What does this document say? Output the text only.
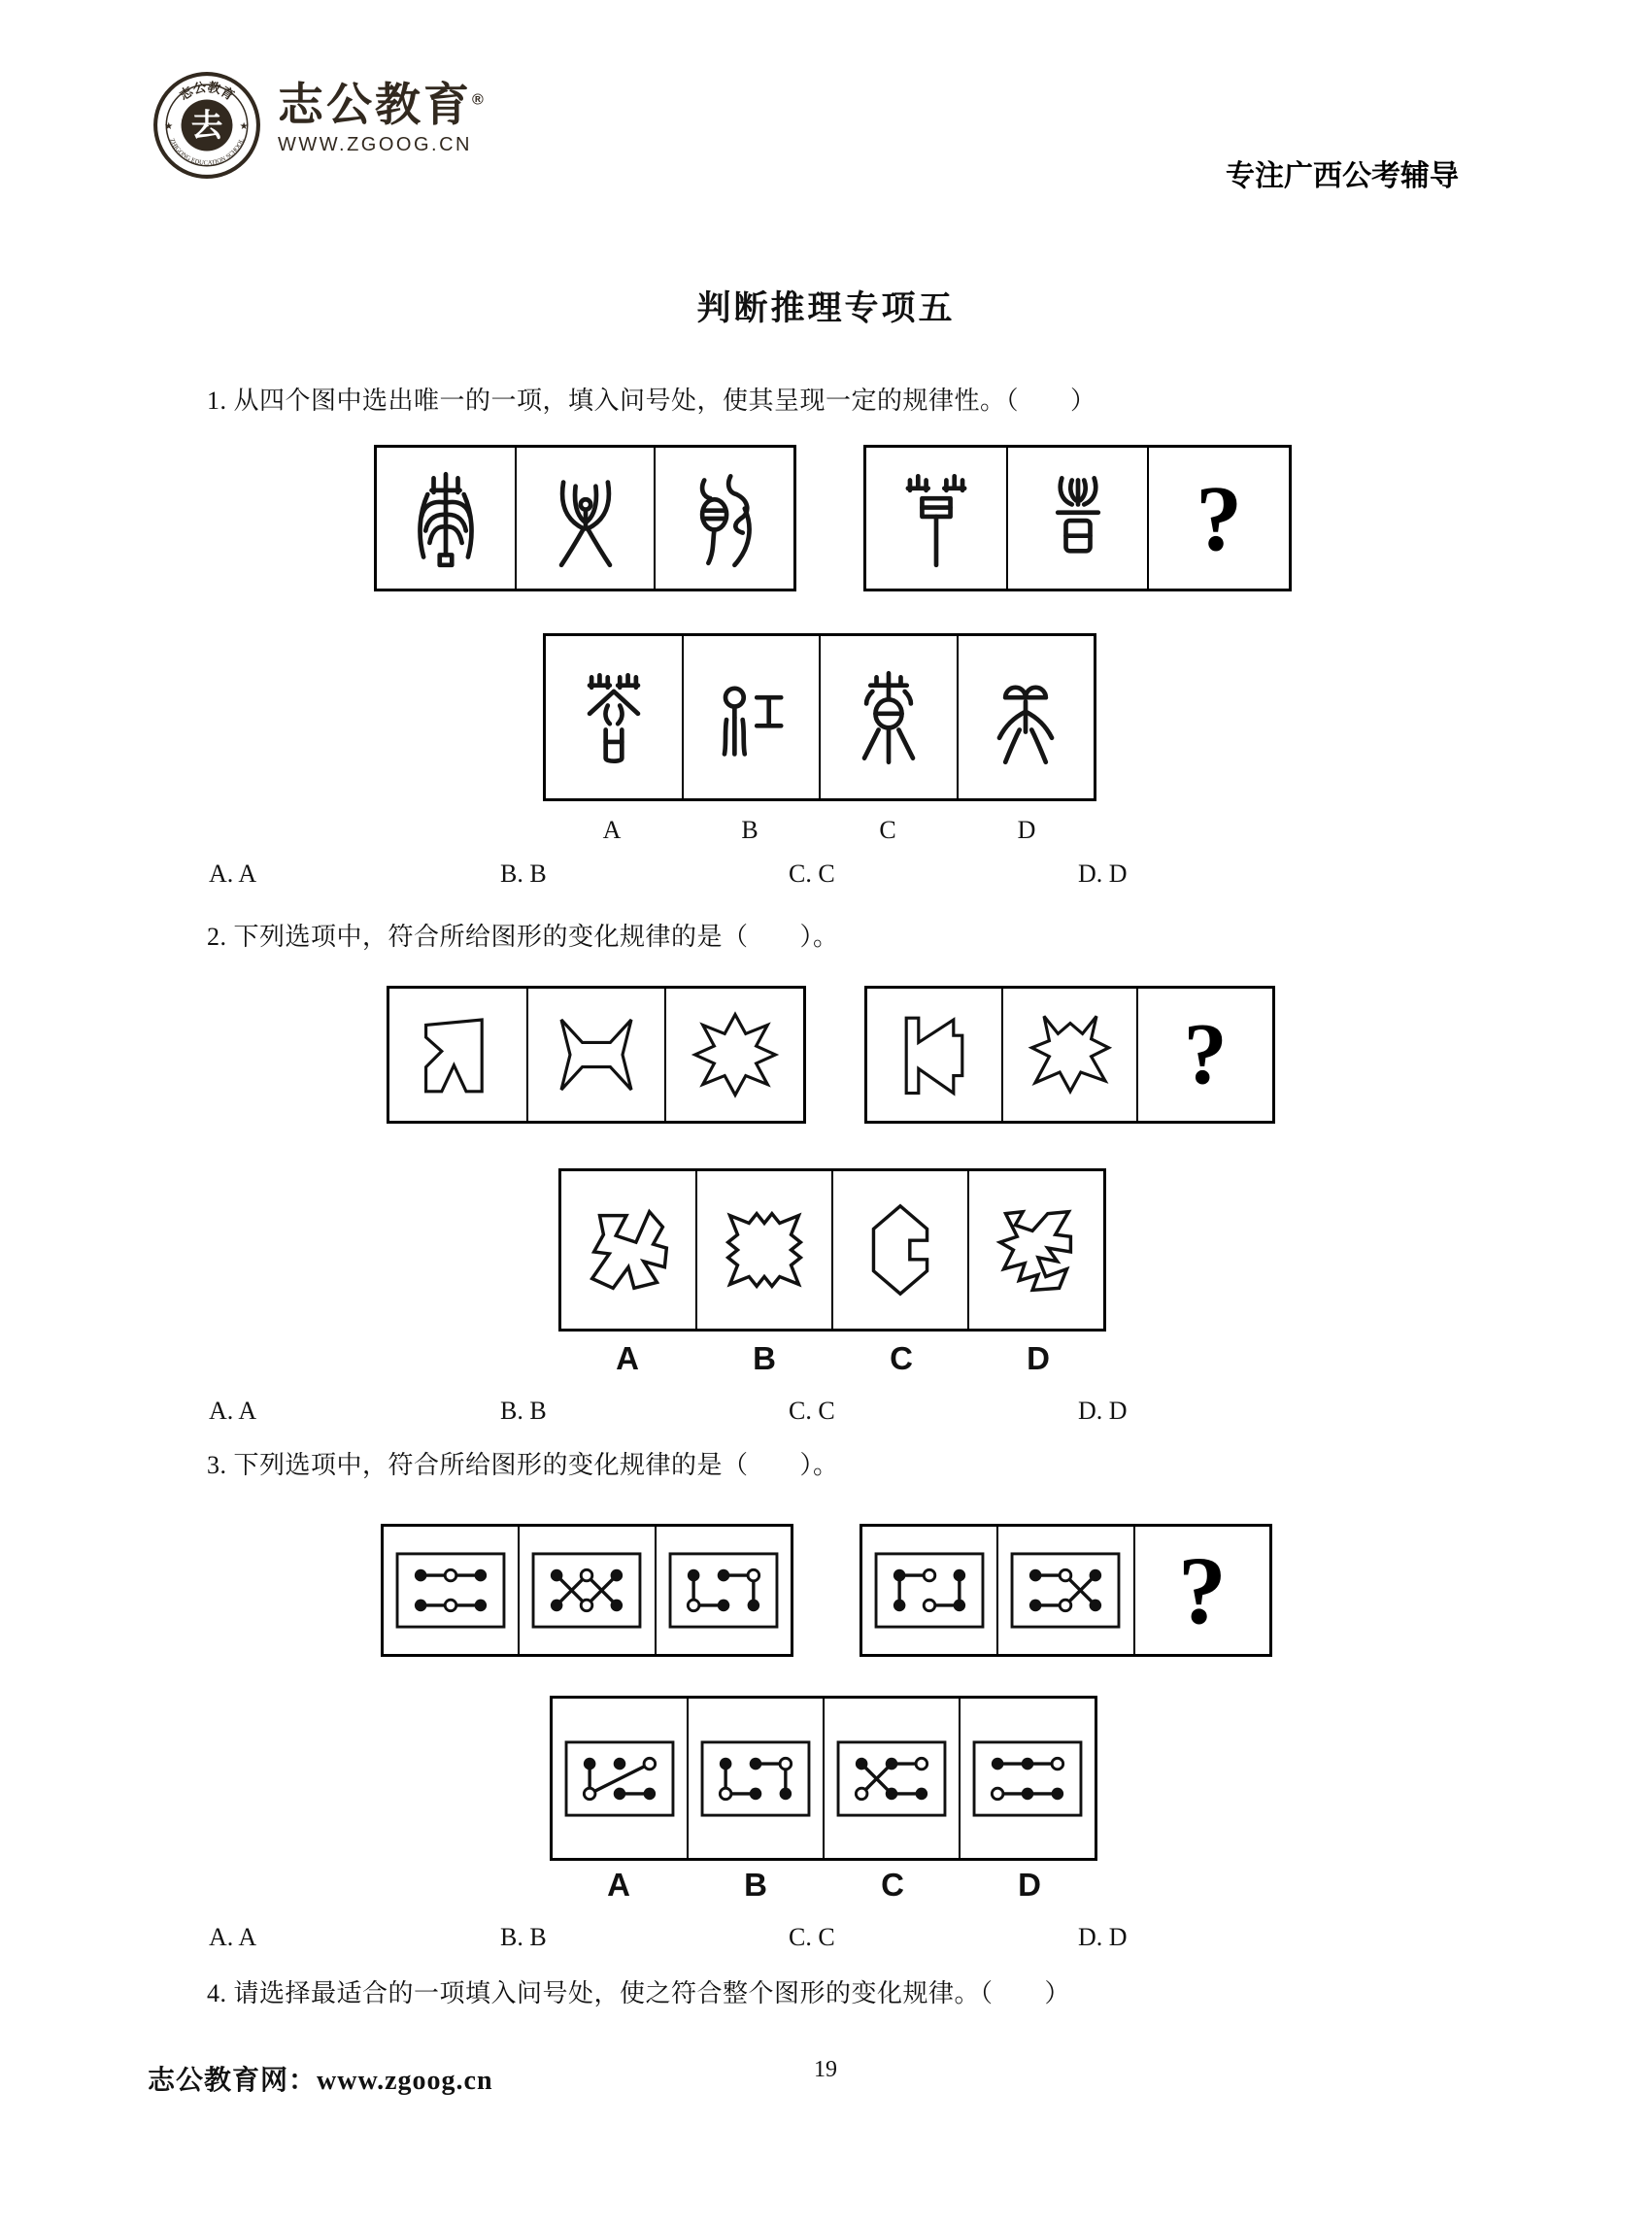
志公教育
ZHIGONG EDUCATION SCHOOL
★	★
去 志公教育®
WWW.ZGOOG.CN
专注广西公考辅导
判断推理专项五
1. 从四个图中选出唯一的一项，填入问号处，使其呈现一定的规律性。（　　）
?
A	B	C	D
A. A	B. B	C. C	D. D
2. 下列选项中，符合所给图形的变化规律的是（　　）。
?
A	B	C	D
A. A	B. B	C. C	D. D
3. 下列选项中，符合所给图形的变化规律的是（　　）。
?
A	B	C	D
A. A	B. B	C. C	D. D
4. 请选择最适合的一项填入问号处，使之符合整个图形的变化规律。（　　）
志公教育网：www.zgoog.cn	19
